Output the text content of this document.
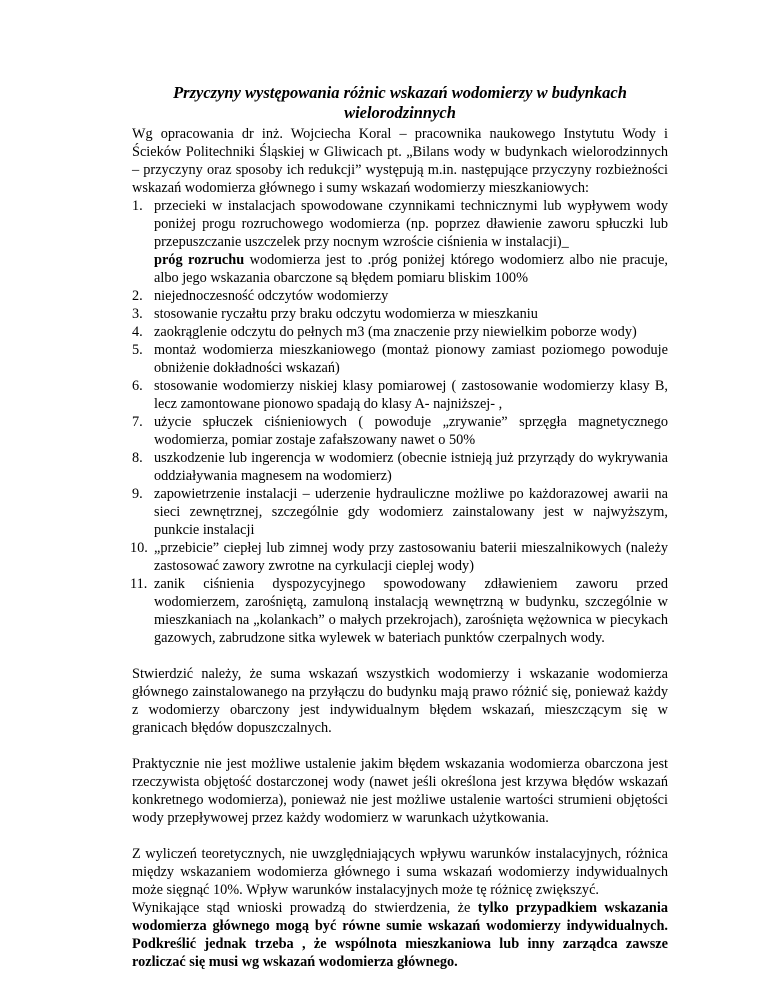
Przyczyny występowania różnic wskazań wodomierzy w budynkach wielorodzinnych

Wg opracowania dr inż. Wojciecha Koral – pracownika naukowego Instytutu Wody i Ścieków Politechniki Śląskiej w Gliwicach pt. „Bilans wody w budynkach wielorodzinnych – przyczyny oraz sposoby ich redukcji” występują m.in. następujące przyczyny rozbieżności wskazań wodomierza głównego i sumy wskazań wodomierzy mieszkaniowych:

1. przecieki w instalacjach spowodowane czynnikami technicznymi lub wypływem wody poniżej progu rozruchowego wodomierza (np. poprzez dławienie zaworu spłuczki lub przepuszczanie uszczelek przy nocnym wzroście ciśnienia w instalacji)_
próg rozruchu wodomierza jest to .próg poniżej którego wodomierz albo nie pracuje, albo jego wskazania obarczone są błędem pomiaru bliskim 100%
2. niejednoczesność odczytów wodomierzy
3. stosowanie ryczałtu przy braku odczytu wodomierza w mieszkaniu
4. zaokrąglenie odczytu do pełnych m3 (ma znaczenie przy niewielkim poborze wody)
5. montaż wodomierza mieszkaniowego (montaż pionowy zamiast poziomego powoduje obniżenie dokładności wskazań)
6. stosowanie wodomierzy niskiej klasy pomiarowej ( zastosowanie wodomierzy klasy B, lecz zamontowane pionowo spadają do klasy A- najniższej- ,
7. użycie spłuczek ciśnieniowych ( powoduje „zrywanie” sprzęgła magnetycznego wodomierza, pomiar zostaje zafałszowany nawet o 50%
8. uszkodzenie lub ingerencja w wodomierz (obecnie istnieją już przyrządy do wykrywania oddziaływania magnesem na wodomierz)
9. zapowietrzenie instalacji – uderzenie hydrauliczne możliwe po każdorazowej awarii na sieci zewnętrznej, szczególnie gdy wodomierz zainstalowany jest w najwyższym, punkcie instalacji
10. „przebicie” ciepłej lub zimnej wody przy zastosowaniu baterii mieszalnikowych (należy zastosować zawory zwrotne na cyrkulacji cieplej wody)
11. zanik ciśnienia dyspozycyjnego spowodowany zdławieniem zaworu przed wodomierzem, zarośniętą, zamuloną instalacją wewnętrzną w budynku, szczególnie w mieszkaniach na „kolankach” o małych przekrojach), zarośnięta wężownica w piecykach gazowych, zabrudzone sitka wylewek w bateriach punktów czerpalnych wody.

Stwierdzić należy, że suma wskazań wszystkich wodomierzy i wskazanie wodomierza głównego zainstalowanego na przyłączu do budynku mają prawo różnić się, ponieważ każdy z wodomierzy obarczony jest indywidualnym błędem wskazań, mieszczącym się w granicach błędów dopuszczalnych.

Praktycznie nie jest możliwe ustalenie jakim błędem wskazania wodomierza obarczona jest rzeczywista objętość dostarczonej wody (nawet jeśli określona jest krzywa błędów wskazań konkretnego wodomierza), ponieważ nie jest możliwe ustalenie wartości strumieni objętości wody przepływowej przez każdy wodomierz w warunkach użytkowania.

Z wyliczeń teoretycznych, nie uwzględniających wpływu warunków instalacyjnych, różnica między wskazaniem wodomierza głównego i suma wskazań wodomierzy indywidualnych może sięgnąć 10%. Wpływ warunków instalacyjnych może tę różnicę zwiększyć.

Wynikające stąd wnioski prowadzą do stwierdzenia, że tylko przypadkiem wskazania wodomierza głównego mogą być równe sumie wskazań wodomierzy indywidualnych. Podkreślić jednak trzeba , że wspólnota mieszkaniowa lub inny zarządca zawsze rozliczać się musi wg wskazań wodomierza głównego.
